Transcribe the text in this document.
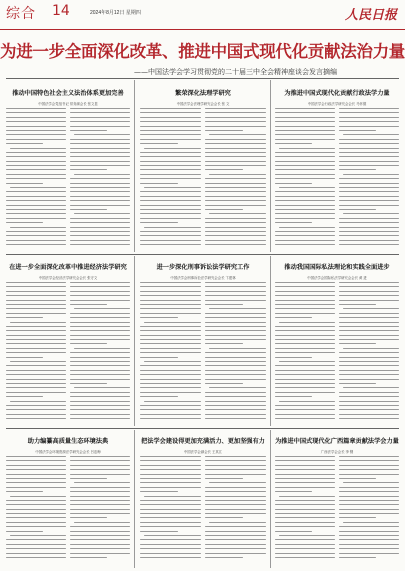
综合 14	2024年8月12日 星期四	人民日报
为进一步全面深化改革、推进中国式现代化贡献法治力量
——中国法学会学习贯彻党的二十届三中全会精神座谈会发言摘编
推动中国特色社会主义法治体系更加完善
中国法学会党组书记 常务副会长 张文显
繁荣深化法理学研究
中国法学会法理学研究会会长 张 文
为推进中国式现代化贡献行政法学力量
中国法学会行政法学研究会会长 马怀德
在进一步全面深化改革中推进经济法学研究
中国法学会经济法学研究会会长 张守文
进一步深化刑事诉讼法学研究工作
中国法学会刑事诉讼法学研究会会长 卞建林
推动我国国际私法理论和实践全面进步
中国法学会国际私法学研究会会长 黄 进
助力编纂高质量生态环境法典
中国法学会环境资源法学研究会会长 吕忠梅
把法学会建设得更加充满活力、更加坚强有力
中国法学会副会长 王其江
为推进中国式现代化广西篇章贡献法学会力量
广西法学会会长 李 钢
